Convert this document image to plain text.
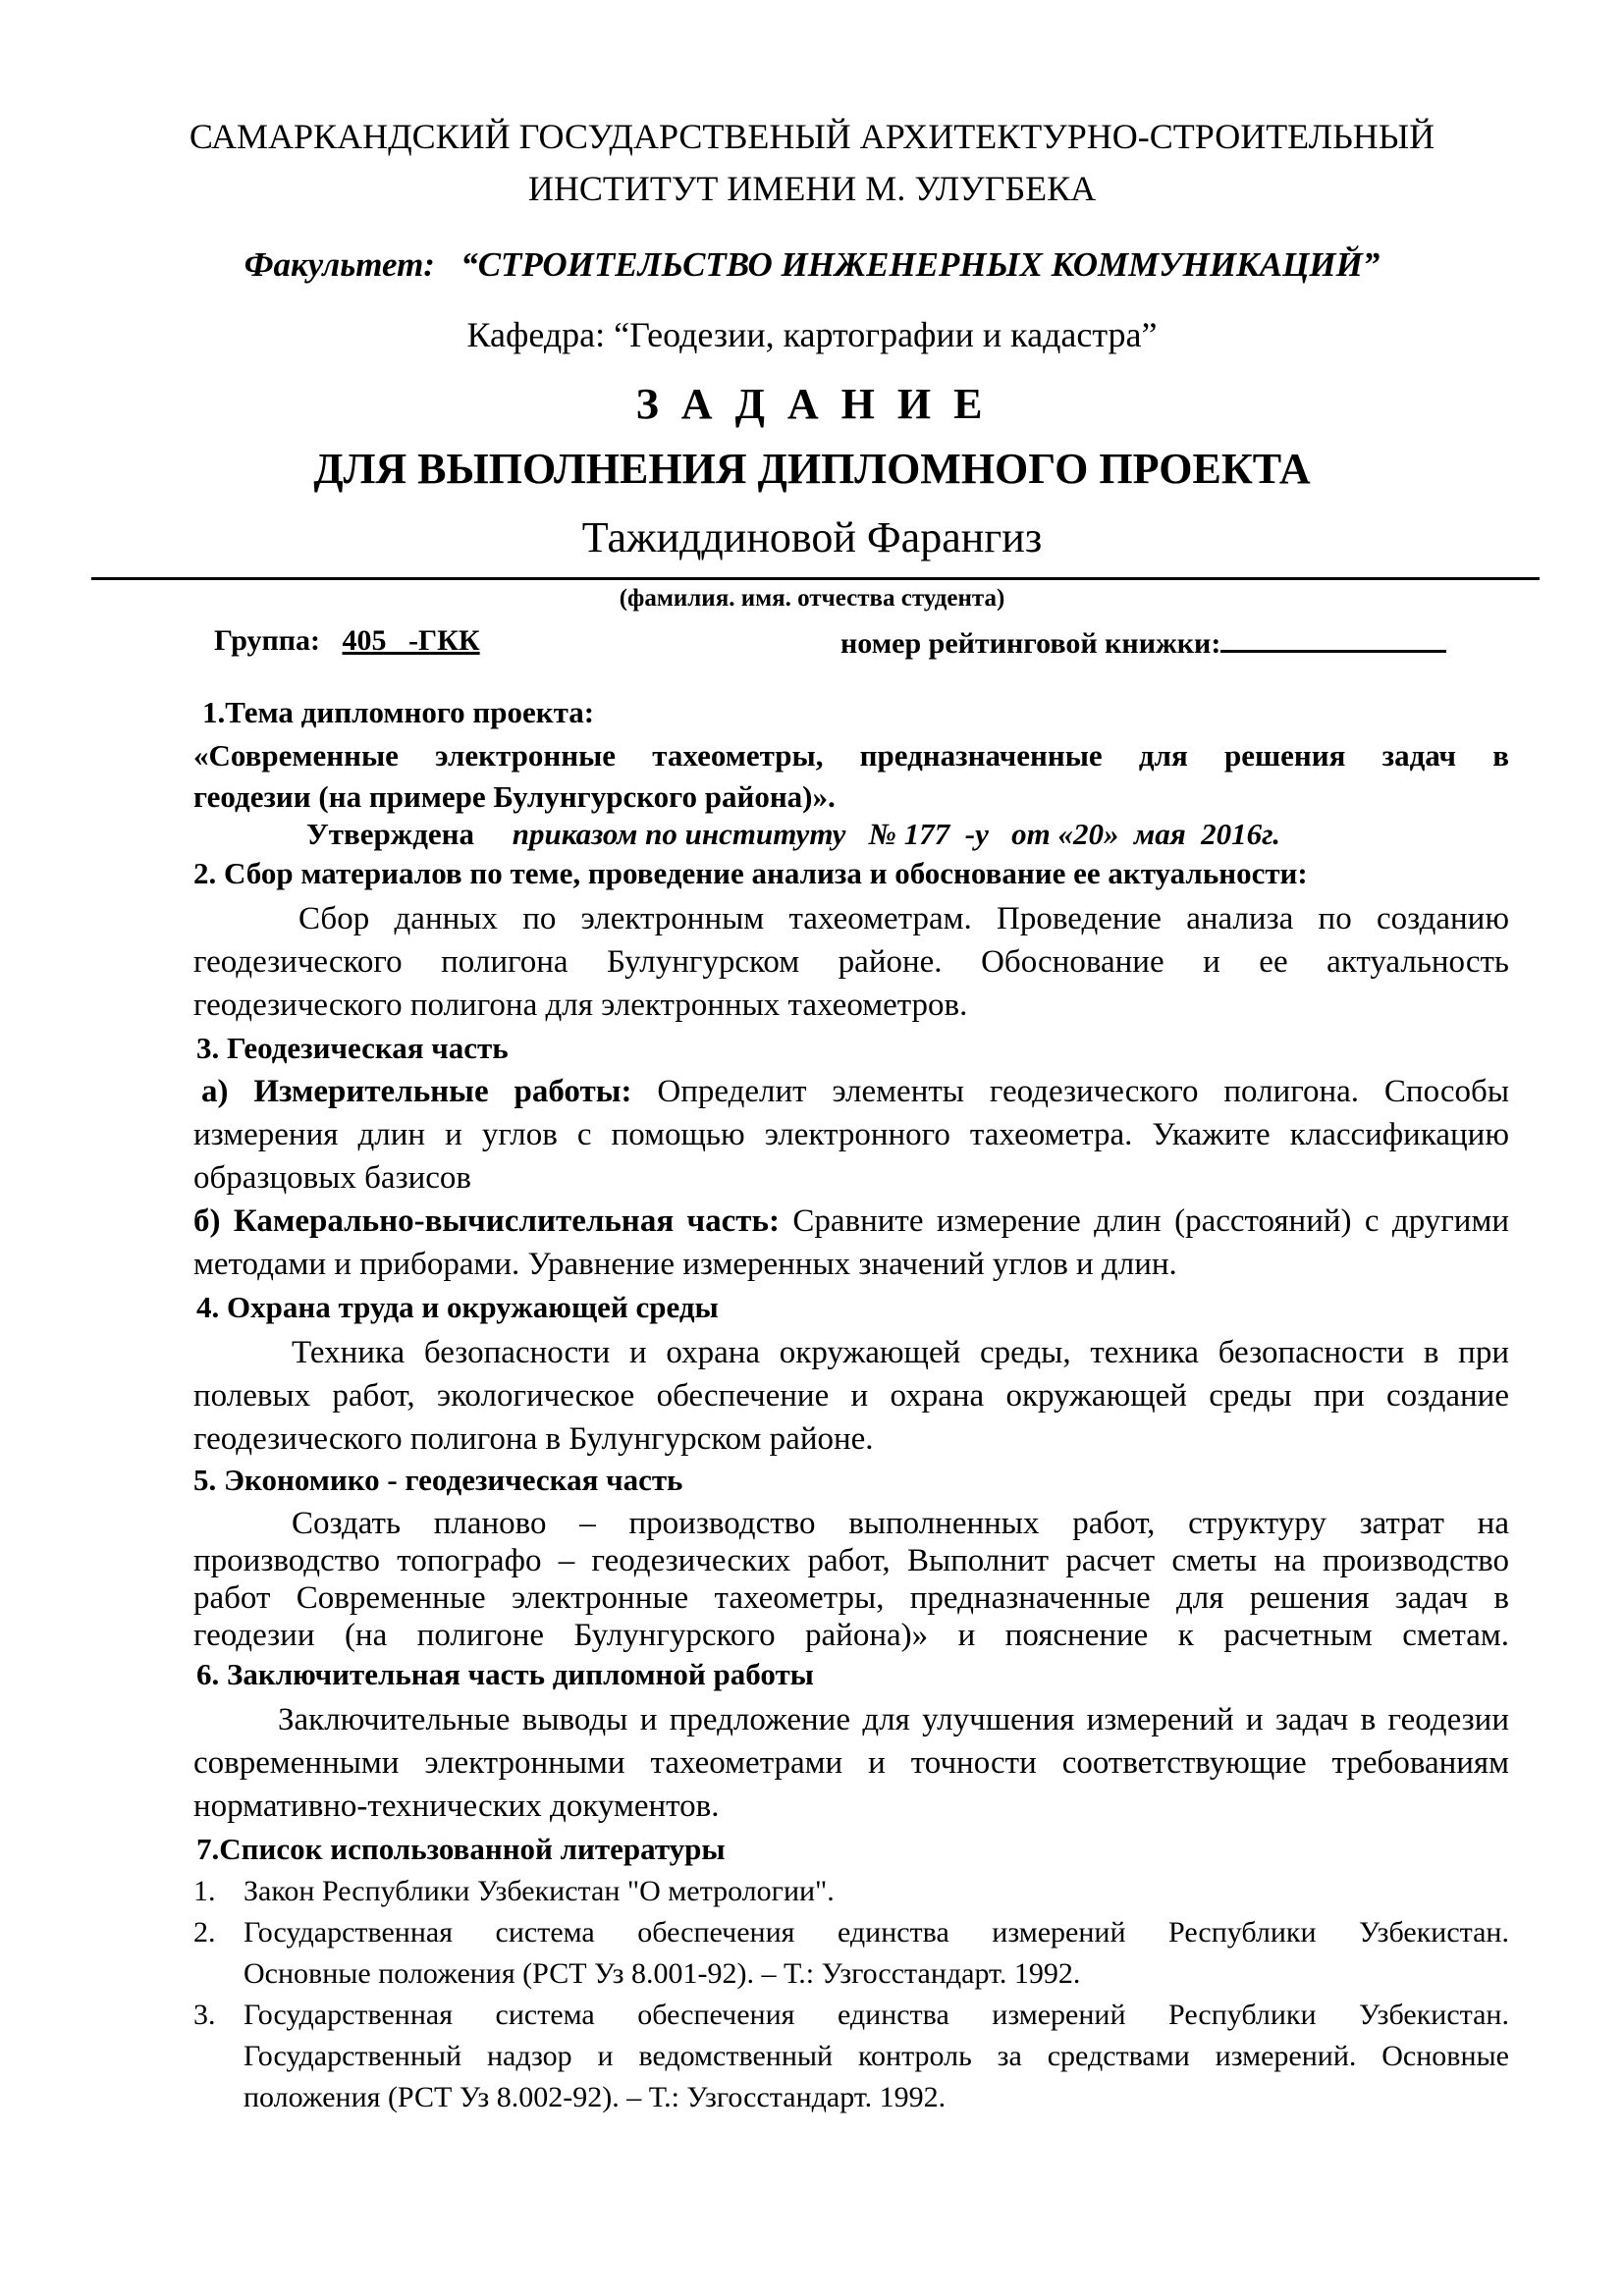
САМАРКАНДСКИЙ ГОСУДАРСТВЕНЫЙ АРХИТЕКТУРНО-СТРОИТЕЛЬНЫЙ
ИНСТИТУТ ИМЕНИ М. УЛУГБЕКА
Факультет: “СТРОИТЕЛЬСТВО ИНЖЕНЕРНЫХ КОММУНИКАЦИЙ”
Кафедра: “Геодезии, картографии и кадастра”
З А Д А Н И Е
ДЛЯ ВЫПОЛНЕНИЯ ДИПЛОМНОГО ПРОЕКТА
Тажиддиновой Фарангиз
(фамилия. имя. отчества студента)
Группа: 405   -ГКК	номер рейтинговой книжки:
1.Тема дипломного проекта:
«Современные электронные тахеометры, предназначенные для решения задач в
геодезии (на примере Булунгурского района)».
Утверждена приказом по институту   № 177  -у   от «20»  мая  2016г.
2. Сбор материалов по теме, проведение анализа и обоснование ее актуальности:
Сбор данных по электронным тахеометрам. Проведение анализа по созданию
геодезического полигона Булунгурском районе. Обоснование и ее актуальность
геодезического полигона для электронных тахеометров.
3. Геодезическая часть
а) Измерительные работы: Определит элементы геодезического полигона. Способы
измерения длин и углов с помощью электронного тахеометра. Укажите классификацию
образцовых базисов
б) Камерально-вычислительная часть: Сравните измерение длин (расстояний) с другими
методами и приборами. Уравнение измеренных значений углов и длин.
4. Охрана труда и окружающей среды
Техника безопасности и охрана окружающей среды, техника безопасности в при
полевых работ, экологическое обеспечение и охрана окружающей среды при создание
геодезического полигона в Булунгурском районе.
5. Экономико - геодезическая часть
Создать планово – производство выполненных работ, структуру затрат на
производство топографо – геодезических работ, Выполнит расчет сметы на производство
работ Современные электронные тахеометры, предназначенные для решения задач в
геодезии (на полигоне Булунгурского района)» и пояснение к расчетным сметам.
6. Заключительная часть дипломной работы
Заключительные выводы и предложение для улучшения измерений и задач в геодезии
современными электронными тахеометрами и точности соответствующие требованиям
нормативно-технических документов.
7.Список использованной литературы
1. Закон Республики Узбекистан "О метрологии".
2. Государственная система обеспечения единства измерений Республики Узбекистан.
Основные положения (РСТ Уз 8.001-92). – Т.: Узгосстандарт. 1992.
3. Государственная система обеспечения единства измерений Республики Узбекистан.
Государственный надзор и ведомственный контроль за средствами измерений. Основные
положения (РСТ Уз 8.002-92). – Т.: Узгосстандарт. 1992.
